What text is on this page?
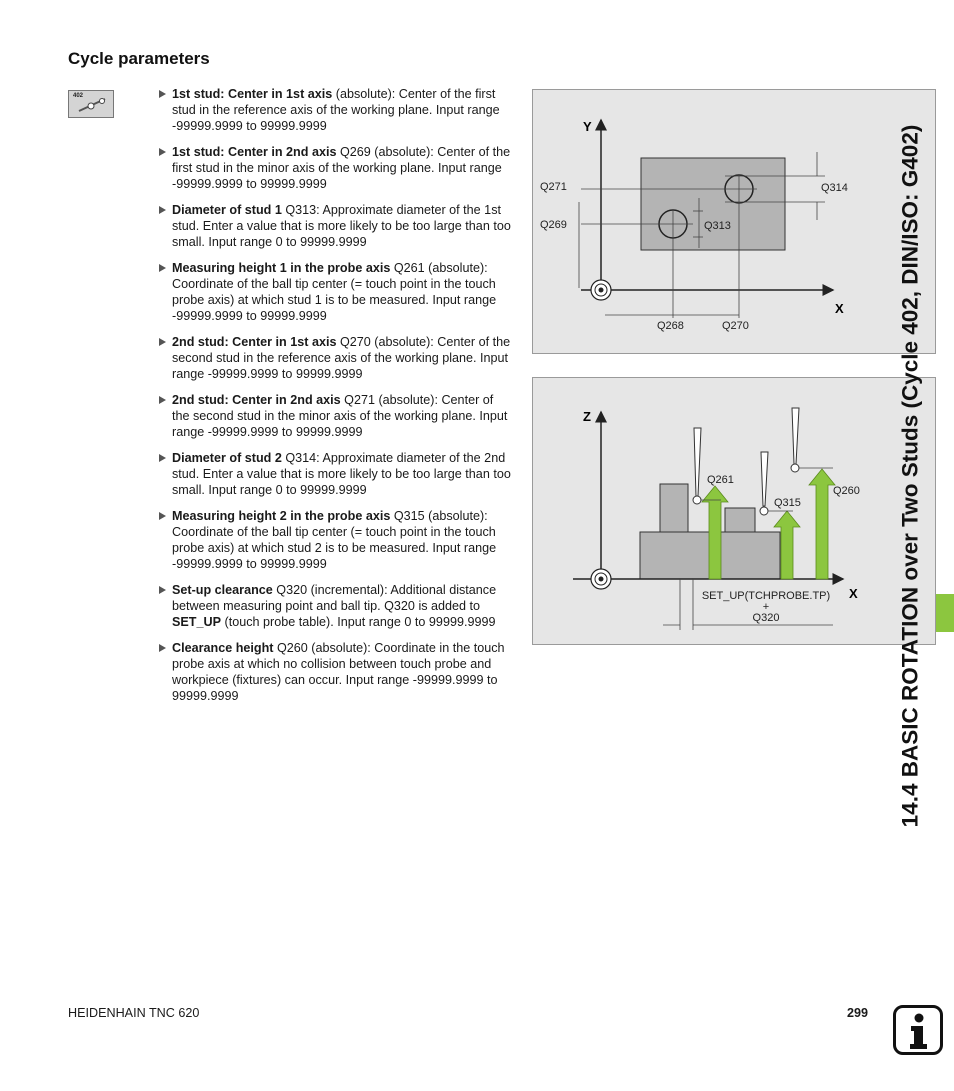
Cycle parameters
402	1st stud: Center in 1st axis (absolute): Center of the first stud in the reference axis of the working plane. Input range -99999.9999 to 99999.9999
1st stud: Center in 2nd axis Q269 (absolute): Center of the first stud in the minor axis of the working plane. Input range -99999.9999 to 99999.9999
Diameter of stud 1 Q313: Approximate diameter of the 1st stud. Enter a value that is more likely to be too large than too small. Input range 0 to 99999.9999
Measuring height 1 in the probe axis Q261 (absolute): Coordinate of the ball tip center (= touch point in the touch probe axis) at which stud 1 is to be measured. Input range -99999.9999 to 99999.9999
2nd stud: Center in 1st axis Q270 (absolute): Center of the second stud in the reference axis of the working plane. Input range -99999.9999 to 99999.9999
2nd stud: Center in 2nd axis Q271 (absolute): Center of the second stud in the minor axis of the working plane. Input range -99999.9999 to 99999.9999
Diameter of stud 2 Q314: Approximate diameter of the 2nd stud. Enter a value that is more likely to be too large than too small. Input range 0 to 99999.9999
Measuring height 2 in the probe axis Q315 (absolute): Coordinate of the ball tip center (= touch point in the touch probe axis) at which stud 2 is to be measured. Input range -99999.9999 to 99999.9999
Set-up clearance Q320 (incremental): Additional distance between measuring point and ball tip. Q320 is added to SET_UP (touch probe table). Input range 0 to 99999.9999
Clearance height Q260 (absolute): Coordinate in the touch probe axis at which no collision between touch probe and workpiece (fixtures) can occur. Input range -99999.9999 to 99999.9999
Y
X
Q271
Q269	Q313
Q314
Q268	Q270
Z
X
Q261
Q315
Q260
SET_UP(TCHPROBE.TP)
+
Q320	14.4 BASIC ROTATION over Two Studs (Cycle 402, DIN/ISO: G402)
HEIDENHAIN TNC 620	299
